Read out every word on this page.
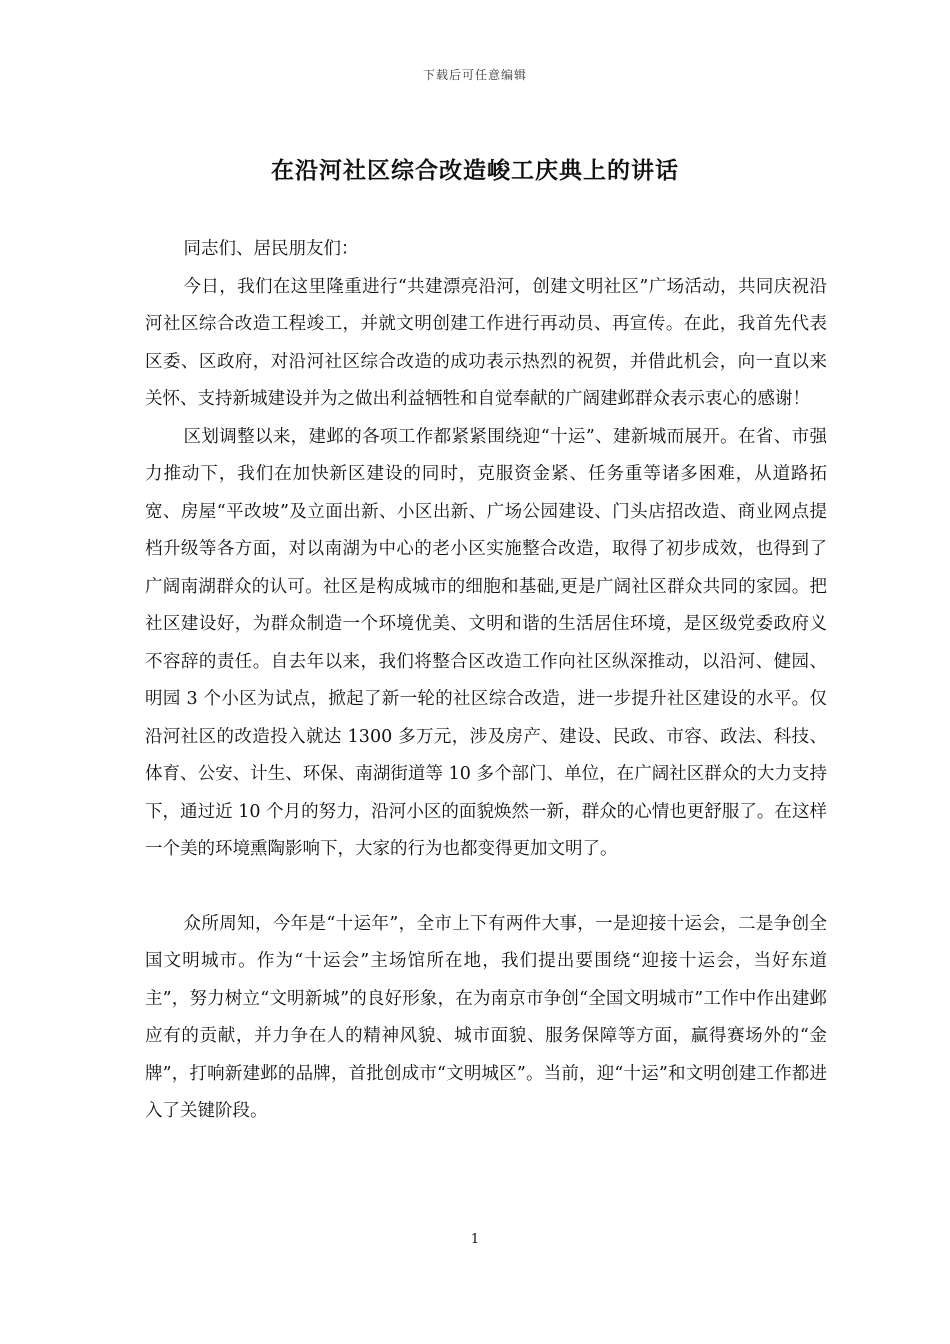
下载后可任意编辑
在沿河社区综合改造峻工庆典上的讲话

同志们、居民朋友们：

今日，我们在这里隆重进行“共建漂亮沿河，创建文明社区”广场活动，共同庆祝沿河社区综合改造工程竣工，并就文明创建工作进行再动员、再宣传。在此，我首先代表区委、区政府，对沿河社区综合改造的成功表示热烈的祝贺，并借此机会，向一直以来关怀、支持新城建设并为之做出利益牺牲和自觉奉献的广阔建邺群众表示衷心的感谢！

区划调整以来，建邺的各项工作都紧紧围绕迎“十运”、建新城而展开。在省、市强力推动下，我们在加快新区建设的同时，克服资金紧、任务重等诸多困难，从道路拓宽、房屋“平改坡”及立面出新、小区出新、广场公园建设、门头店招改造、商业网点提档升级等各方面，对以南湖为中心的老小区实施整合改造，取得了初步成效，也得到了广阔南湖群众的认可。社区是构成城市的细胞和基础,更是广阔社区群众共同的家园。把社区建设好，为群众制造一个环境优美、文明和谐的生活居住环境，是区级党委政府义不容辞的责任。自去年以来，我们将整合区改造工作向社区纵深推动，以沿河、健园、明园 3 个小区为试点，掀起了新一轮的社区综合改造，进一步提升社区建设的水平。仅沿河社区的改造投入就达 1300 多万元，涉及房产、建设、民政、市容、政法、科技、体育、公安、计生、环保、南湖街道等 10 多个部门、单位，在广阔社区群众的大力支持下，通过近 10 个月的努力，沿河小区的面貌焕然一新，群众的心情也更舒服了。在这样一个美的环境熏陶影响下，大家的行为也都变得更加文明了。

众所周知，今年是“十运年”，全市上下有两件大事，一是迎接十运会，二是争创全国文明城市。作为“十运会”主场馆所在地，我们提出要围绕“迎接十运会，当好东道主”，努力树立“文明新城”的良好形象，在为南京市争创“全国文明城市”工作中作出建邺应有的贡献，并力争在人的精神风貌、城市面貌、服务保障等方面，赢得赛场外的“金牌”，打响新建邺的品牌，首批创成市“文明城区”。当前，迎“十运”和文明创建工作都进入了关键阶段。

1
